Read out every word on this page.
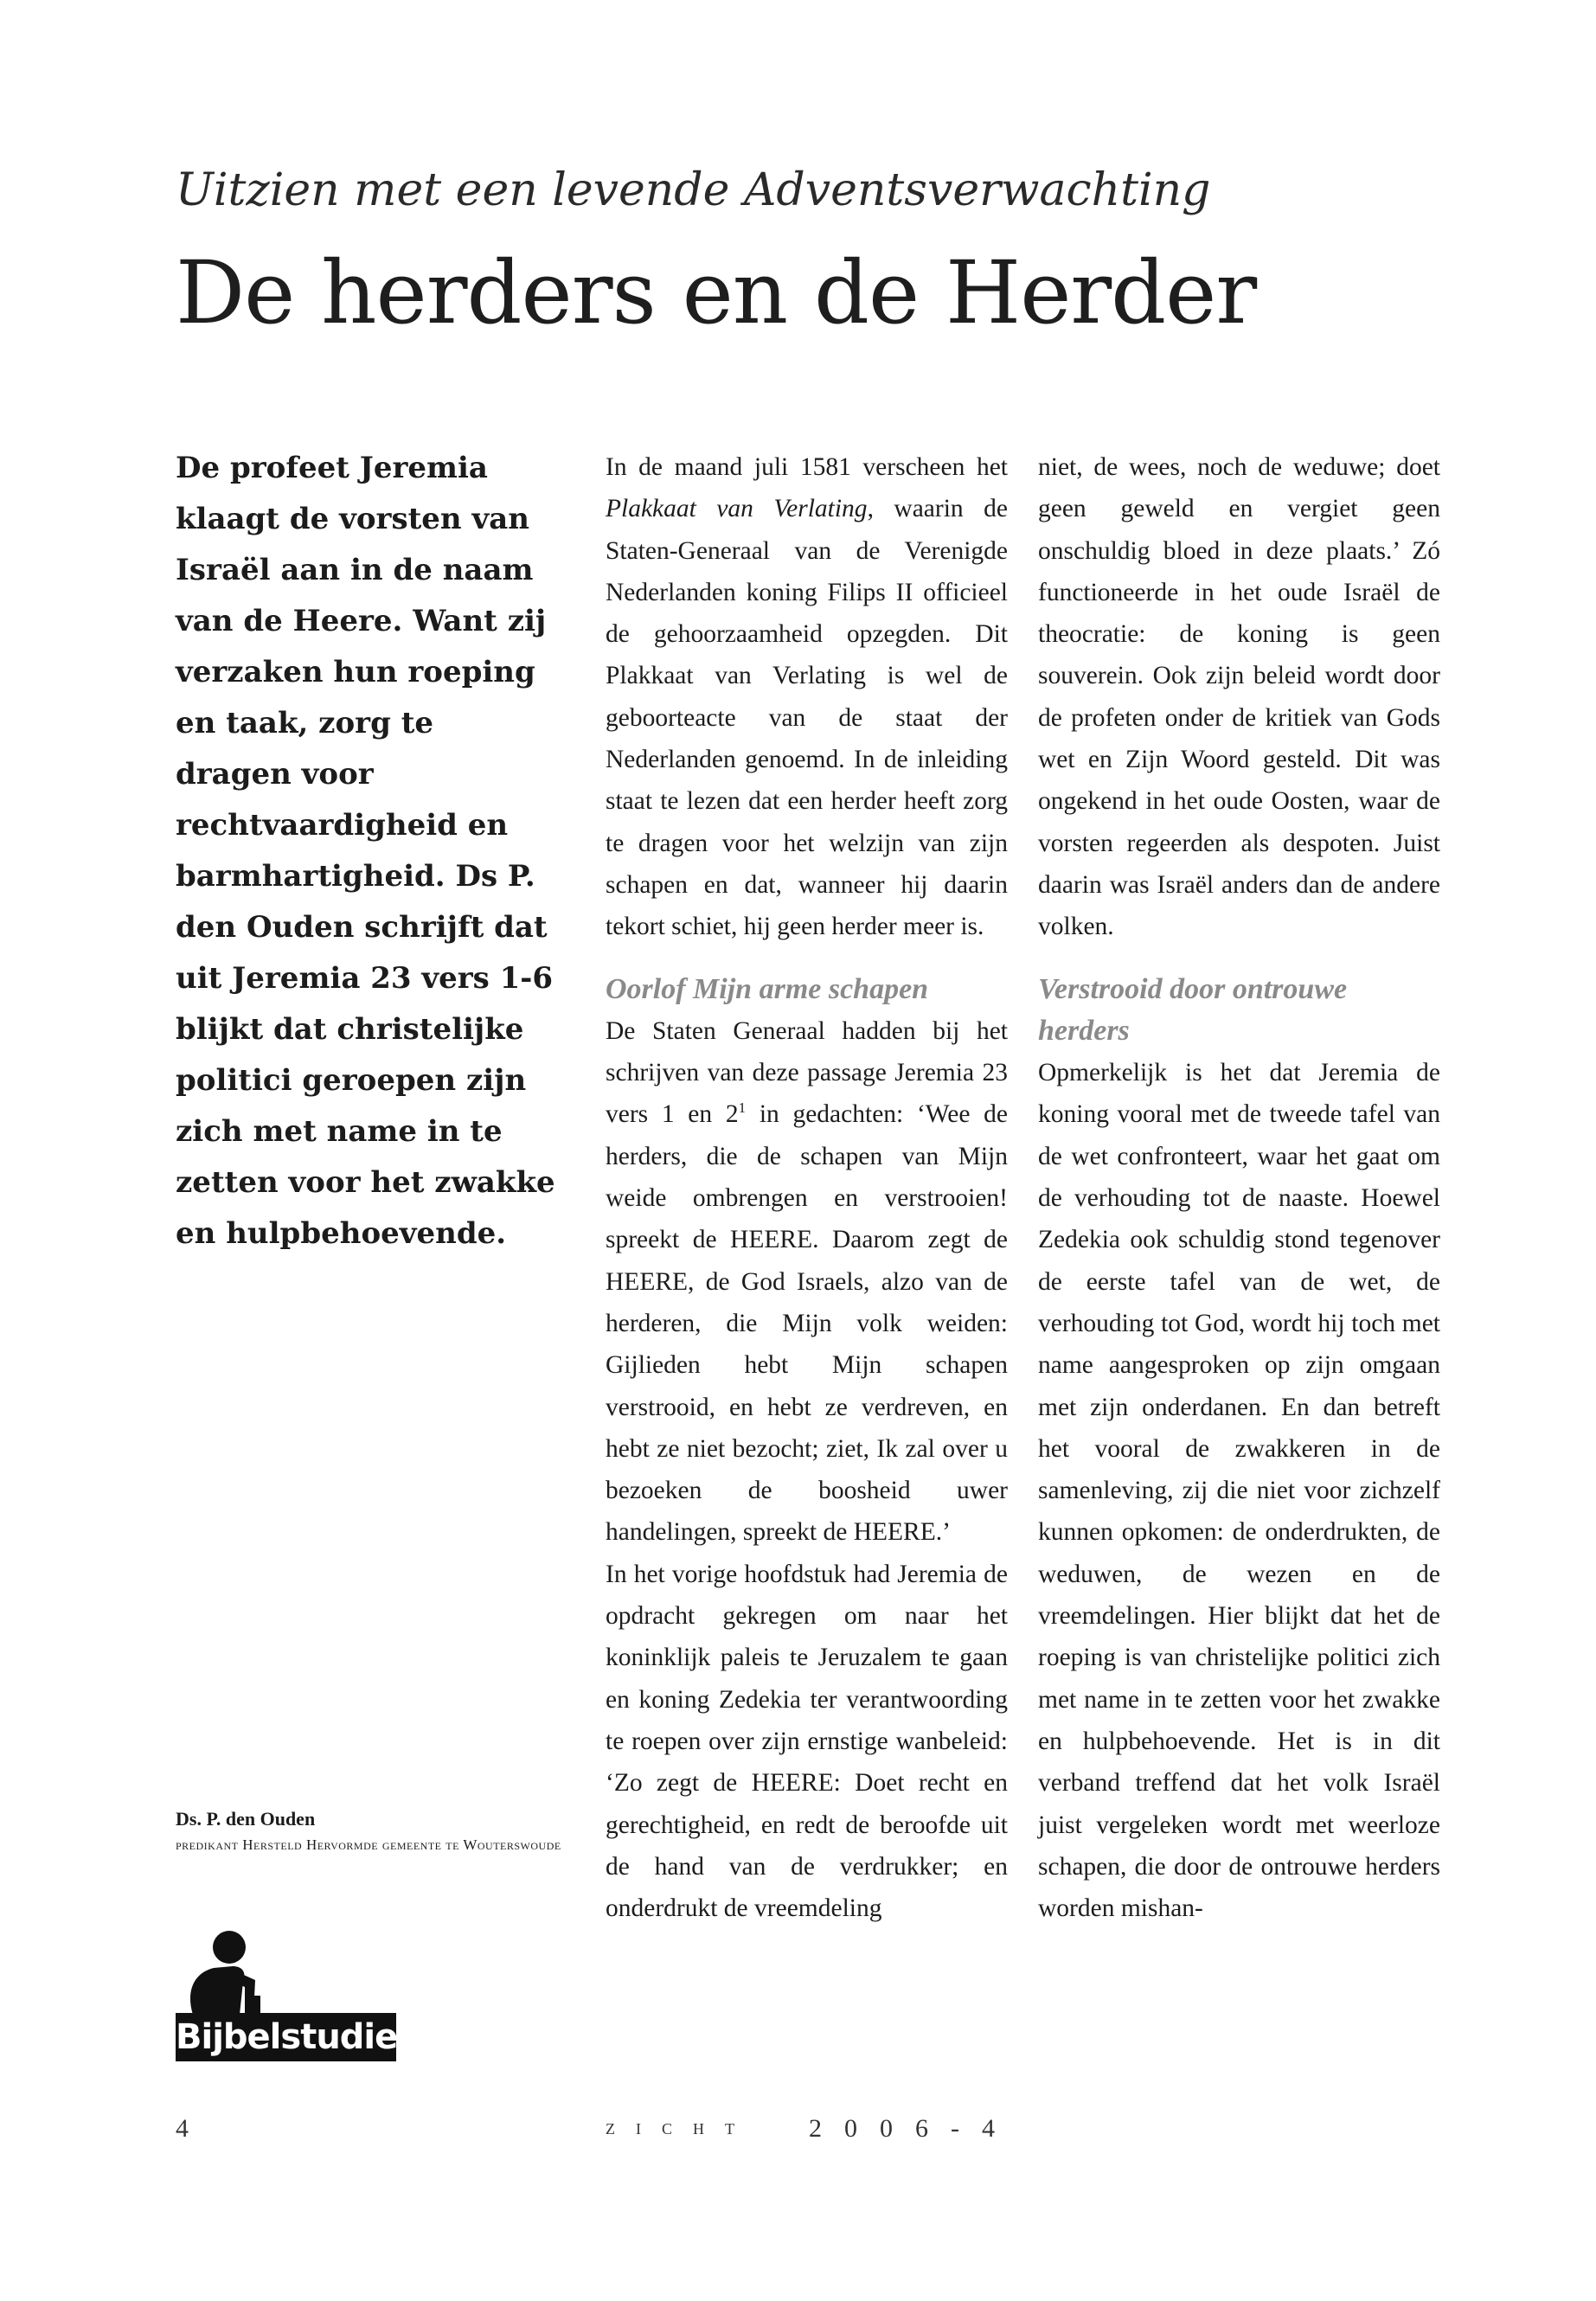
Uitzien met een levende Adventsverwachting
De herders en de Herder

De profeet Jeremia klaagt de vorsten van Israël aan in de naam van de Heere. Want zij verzaken hun roeping en taak, zorg te dragen voor rechtvaardigheid en barmhartigheid. Ds P. den Ouden schrijft dat uit Jeremia 23 vers 1-6 blijkt dat christelijke politici geroepen zijn zich met name in te zetten voor het zwakke en hulpbehoevende.

In de maand juli 1581 verscheen het Plakkaat van Verlating, waarin de Staten-Generaal van de Verenigde Nederlanden koning Filips II officieel de gehoorzaamheid opzegden. Dit Plakkaat van Verlating is wel de geboorteacte van de staat der Nederlanden genoemd. In de inleiding staat te lezen dat een herder heeft zorg te dragen voor het welzijn van zijn schapen en dat, wanneer hij daarin tekort schiet, hij geen herder meer is.

Oorlof Mijn arme schapen

De Staten Generaal hadden bij het schrijven van deze passage Jeremia 23 vers 1 en 2$^1$ in gedachten: ‘Wee de herders, die de schapen van Mijn weide ombrengen en verstrooien! spreekt de HEERE. Daarom zegt de HEERE, de God Israels, alzo van de herderen, die Mijn volk weiden: Gijlieden hebt Mijn schapen verstrooid, en hebt ze verdreven, en hebt ze niet bezocht; ziet, Ik zal over u bezoeken de boosheid uwer handelingen, spreekt de HEERE.’

In het vorige hoofdstuk had Jeremia de opdracht gekregen om naar het koninklijk paleis te Jeruzalem te gaan en koning Zedekia ter verantwoording te roepen over zijn ernstige wanbeleid: ‘Zo zegt de HEERE: Doet recht en gerechtigheid, en redt de beroofde uit de hand van de verdrukker; en onderdrukt de vreemdeling

niet, de wees, noch de weduwe; doet geen geweld en vergiet geen onschuldig bloed in deze plaats.’ Zó functioneerde in het oude Israël de theocratie: de koning is geen souverein. Ook zijn beleid wordt door de profeten onder de kritiek van Gods wet en Zijn Woord gesteld. Dit was ongekend in het oude Oosten, waar de vorsten regeerden als despoten. Juist daarin was Israël anders dan de andere volken.

Verstrooid door ontrouwe herders

Opmerkelijk is het dat Jeremia de koning vooral met de tweede tafel van de wet confronteert, waar het gaat om de verhouding tot de naaste. Hoewel Zedekia ook schuldig stond tegenover de eerste tafel van de wet, de verhouding tot God, wordt hij toch met name aangesproken op zijn omgaan met zijn onderdanen. En dan betreft het vooral de zwakkeren in de samenleving, zij die niet voor zichzelf kunnen opkomen: de onderdrukten, de weduwen, de wezen en de vreemdelingen. Hier blijkt dat het de roeping is van christelijke politici zich met name in te zetten voor het zwakke en hulpbehoevende. Het is in dit verband treffend dat het volk Israël juist vergeleken wordt met weerloze schapen, die door de ontrouwe herders worden mishan-

Ds. P. den Ouden
predikant Hersteld Hervormde gemeente te Wouterswoude
Bijbelstudie
4	zicht 2006-4
